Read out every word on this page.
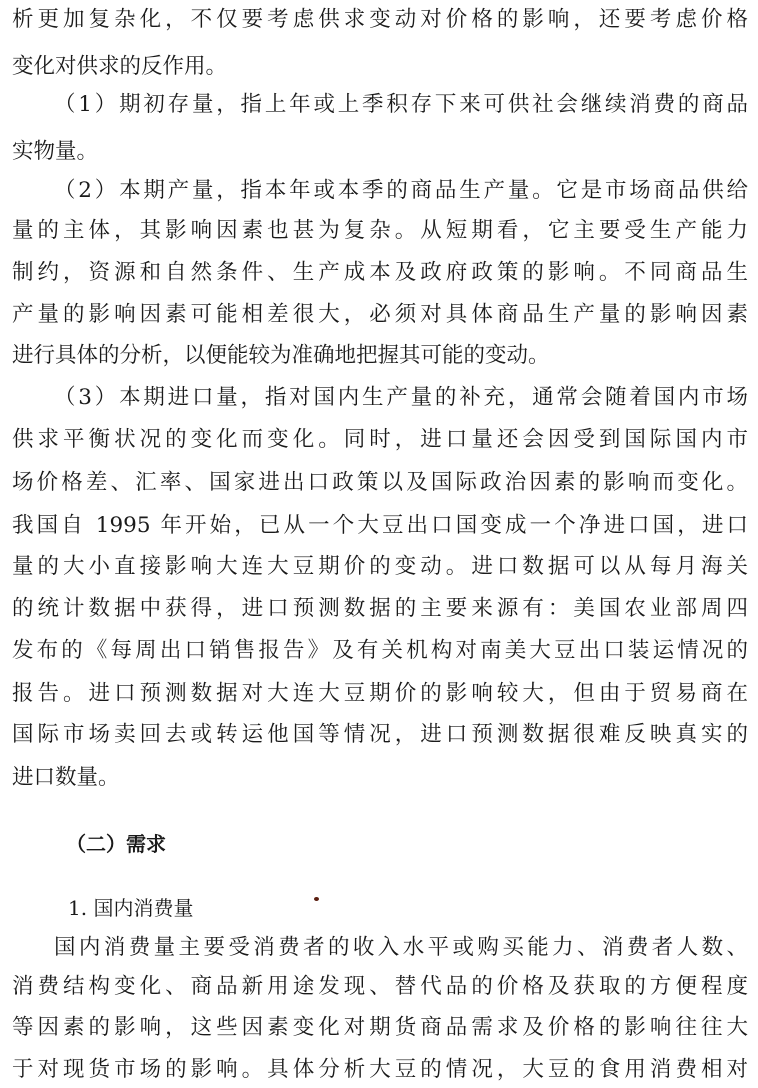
析更加复杂化，不仅要考虑供求变动对价格的影响，还要考虑价格
变化对供求的反作用。
（1）期初存量，指上年或上季积存下来可供社会继续消费的商品
实物量。
（2）本期产量，指本年或本季的商品生产量。它是市场商品供给
量的主体，其影响因素也甚为复杂。从短期看，它主要受生产能力
制约，资源和自然条件、生产成本及政府政策的影响。不同商品生
产量的影响因素可能相差很大，必须对具体商品生产量的影响因素
进行具体的分析，以便能较为准确地把握其可能的变动。
（3）本期进口量，指对国内生产量的补充，通常会随着国内市场
供求平衡状况的变化而变化。同时，进口量还会因受到国际国内市
场价格差、汇率、国家进出口政策以及国际政治因素的影响而变化。
我国自 1995 年开始，已从一个大豆出口国变成一个净进口国，进口
量的大小直接影响大连大豆期价的变动。进口数据可以从每月海关
的统计数据中获得，进口预测数据的主要来源有：美国农业部周四
发布的《每周出口销售报告》及有关机构对南美大豆出口装运情况的
报告。进口预测数据对大连大豆期价的影响较大，但由于贸易商在
国际市场卖回去或转运他国等情况，进口预测数据很难反映真实的
进口数量。
（二）需求
1. 国内消费量
国内消费量主要受消费者的收入水平或购买能力、消费者人数、
消费结构变化、商品新用途发现、替代品的价格及获取的方便程度
等因素的影响，这些因素变化对期货商品需求及价格的影响往往大
于对现货市场的影响。具体分析大豆的情况，大豆的食用消费相对
